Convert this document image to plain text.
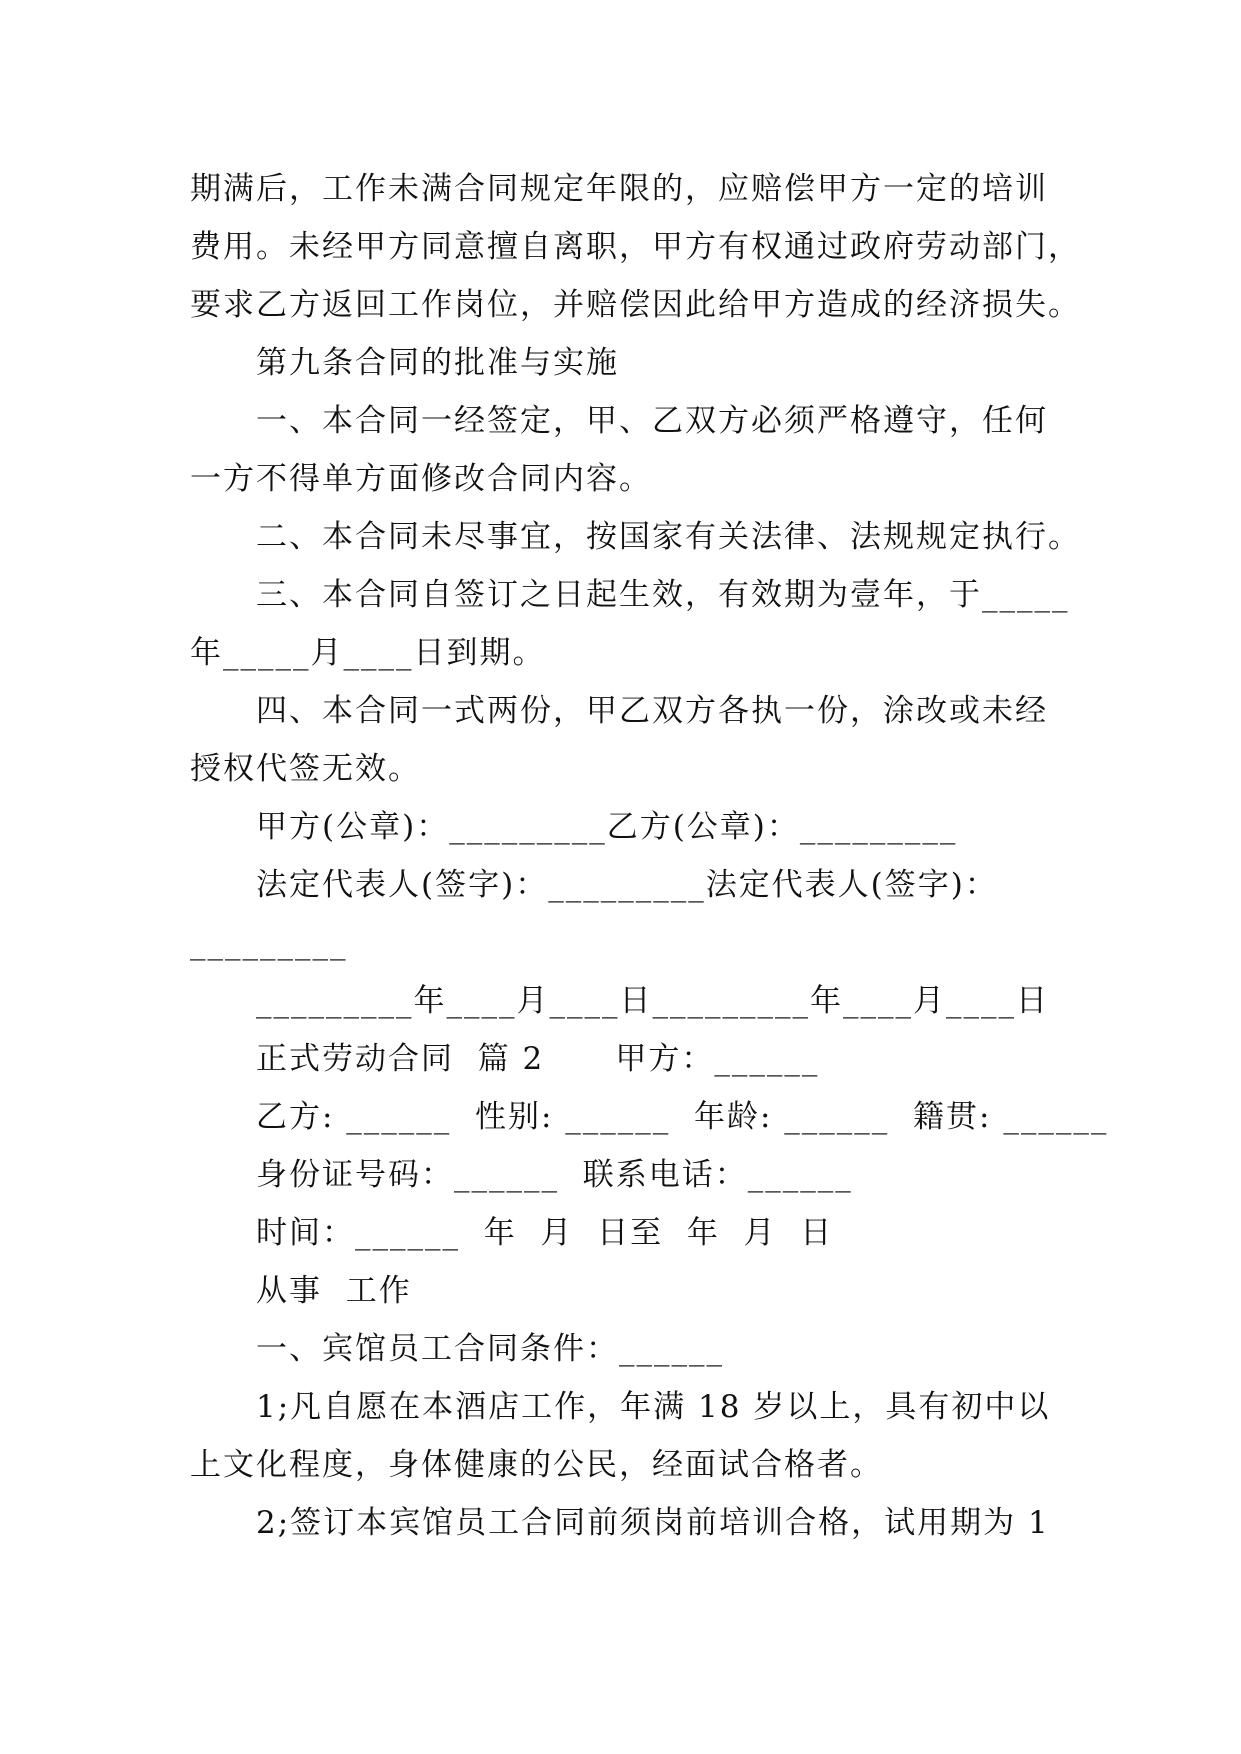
期满后，工作未满合同规定年限的，应赔偿甲方一定的培训
费用。未经甲方同意擅自离职，甲方有权通过政府劳动部门，
要求乙方返回工作岗位，并赔偿因此给甲方造成的经济损失。
第九条合同的批准与实施
一、本合同一经签定，甲、乙双方必须严格遵守，任何
一方不得单方面修改合同内容。
二、本合同未尽事宜，按国家有关法律、法规规定执行。
三、本合同自签订之日起生效，有效期为壹年，于_____
年_____月____日到期。
四、本合同一式两份，甲乙双方各执一份，涂改或未经
授权代签无效。
甲方(公章)：_________乙方(公章)：_________
法定代表人(签字)：_________法定代表人(签字)：
_________
_________年____月____日_________年____月____日
正式劳动合同  篇 2      甲方：______
乙方: ______  性别: ______  年龄: ______  籍贯: ______
身份证号码：______  联系电话：______
时间：______  年  月  日至  年  月  日
从事  工作
一、宾馆员工合同条件：______
1;凡自愿在本酒店工作，年满 18 岁以上，具有初中以
上文化程度，身体健康的公民，经面试合格者。
2;签订本宾馆员工合同前须岗前培训合格，试用期为 1
